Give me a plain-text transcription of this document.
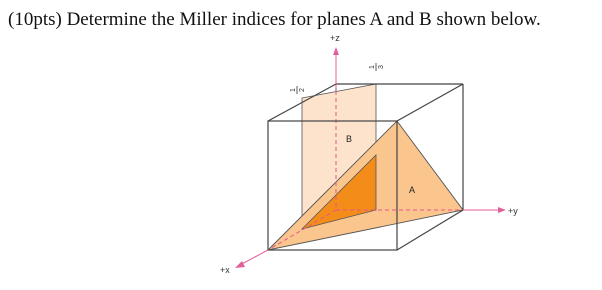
(10pts) Determine the Miller indices for planes A and B shown below.
+z
+y
+x
B
A
1 2
1 3
